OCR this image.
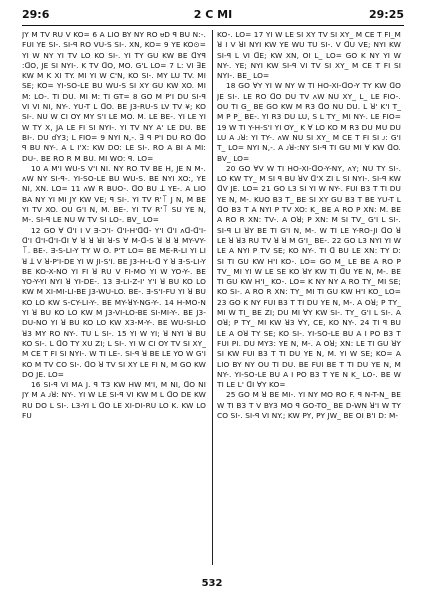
29:6	2 C MI	29:25

JY M TV RU V KO= 6 A LIO BY NY RO ᵾD ꟼ BU N:-. FUI YE SI-. SI-ꟼ RO VU-S SI-. XN, KO= 9 YE KO⊙= YI W NY YI TV LO KO SI-. YI TY GU KW BE ꓷYꟼ :ꓷO, JE SI NYI-. K TV ꓷO, MO. G'L LO= 7 L: VI ꓱE KW M K XI TY. MI YI W C'N, KO SI-. MY LU TV. MI SE; KO= YI-SO-LE BU WU-S SI XY GU KW XO. MI M: LO-. TI DU. MI M: TI GT= 8 GO M P'I DU SI-ꟼ VI VI NI, NY-. YU-T L ꓷO. BE J3-RU-S LV TV ¥; KO SI-. NU W CI OY MY S'I LE MO. M. LE BE-. YI LE YI W TY X, JA LE FI SI NYI-. YI TV NY A' LE DU. BE BI-. DU ɗY3; L FIO= 9 NYI N,-. ꓱ ꟼ P'I DU RO ꓷO ꟼ BU NY-. A L I'X: KW DO: LE SI-. RO A BI A MI: DU-. BE RO R M BU. MI WO: ꟼ. LO=

10 A M'I WU-S V'I NI. NY RO TV BE H, JE N M-. ᴧW NY SI-ꟼ-. YI-SO-LE BU WU-S. BE NYI XO:, YE NI, XN. LO= 11 ᴧW R BUO-. ꓷO BU ꓕ YE-. A LIO BA NY YI MI JY KW VE; ꟼ SI-. YI TV R'꓄ J N, M BE YI TV XO. OU G'I N, M. BE-. YI TV R'꓄ SU YE N, M-. SI-ꟼ LE NU W TV SI LO-. BV_ LO=

12 GO ∀ ꓷ'I I V Ǝ-Ɔ'I- ꓷ'I-H'ꓷꓷ- Y'I ꓷ'I ᴧꓷ-ꓷ'I- ꓷ'I ꓷ'I-ꓷ'I-ꓷI ∀ ꓤ ꓤ ꓤI ꓤ-S ∀ M-ꓷ-S ꓤ ꓤ ꓤ MY-VY-꓄. BE-. Ǝ-S-LI-Y TY W O. P'T LO= BE ME-R-LI YI LI ꓤ ꓕ V ꓤ-P'I-DE YI W JI-S'I. BE J3-H-L-ꓷ Y ꓤ Ǝ-S-LI-Y BE KO-X-NO YI FI ꓤ RU V FI-MO YI W YO-Y-. BE YO-Y-YI NYI ꓤ YI-DE-. 13 Ǝ-LI-Z-I' Y'I ꓤ BU KO LO KW M XI-MI-LI-BE J3-WU-LO. BE-. Ǝ-S'I-FU YI ꓤ BU KO LO KW S-CY-LI-Y-. BE MY-ꓤY-NG-Y-. 14 H-MO-N YI ꓤ BU KO LO KW M J3-VI-LO-BE SI-MI-Y-. BE J3-DU-NO YI ꓤ BU KO LO KW X3-M-Y-. BE WU-SI-LO ꓤ3 MY RO NY-. TU L SI-. 15 YI W YI; ꓤ NYI ꓤ BU KO SI-. L ꓷO TY XU ZI; L SI-. YI W CI OY TV SI XY_ M CE T FI SI NYI-. W TI LE-. SI-ꟼ ꓤ BE LE YO W G'I KO M TV CO SI-. ꓷO ꓤ TV SI XY LE FI N, M GO KW DO JE. LO=

16 SI-ꟼ VI MA J. ꟼ T3 KW HW M'I, M NI, ꓷO NI JY M A ᴊꓤ: NY-. YI W LE SI-ꟼ VI KW M L ꓷO DE KW RU DO L SI-. L3-YI L ꓷO LE XI-DI-RU LO K. KW LO FU

KO-. LO= 17 YI W LE SI XY TV SI XY_ M CE T FI_M ꓤ I V ꓤI NYI KW YE WU TU SI-. V ꓷU VE; NYI KW SI-ꟼ L VI ꓷE; KW XN, OI L_ LO= GO K NY YI W NY-. YE; NYI KW SI-ꟼ VI TV SI XY_ M CE T FI SI NYI-. BE_ LO=

18 GO ∀Y YI W NY W TI HO-XI-ꓷO-Y TY KW ꓷO JE SI-. LE RO ꓷO DU TV ᴧW NU XY_ L_ LE FIO-. OU TI G_ BE GO KW M R3 ꓷO NU DU. L ꓤ' K'I T_ M P P_ BE-. YI R3 DU LU, S L TY_ MI NY-. LE FIO= 19 W TI Y-H-S'I YI OY_ K ∀ LO KO M R3 DU MU DU LU A ᴊꓤ: YI TY-. ᴧW NU SI XY_ M CE T FI SI ᴊ: G'I T_ LO= NYI N,-. A ᴊꓤ-:NY SI-ꟼ TI GU MI ∀ KW ꓷO. BV_ LO=

20 GO ∀V W TI HO-XI-ꓷO-Y-NY, ᴧY; NU TY SI-. LO KW TY_ M SI ꟼ BU ꓤV ꓷ'X ZI L SI NYI-. SI-ꟼ KW ꓷV JE. LO= 21 GO L3 SI YI W NY-. FUI B3 T TI DU YE N, M-. KUO B3 T_ BE SI XY GU B3 T BE YU-T L ꓷO B3 T A NYI P TV XO: K_ BE A RO P XN: M. BE A RO R XN: TV-. A Oꓤ; P XN: M SI TV_ G'I L SI-. SI-ꟼ LI ꓤY BE TI G'I N, M-. W TI LE Y-RO-JI ꓷO ꓤ LE ꓤ ꓤ3 RU TV ꓤ ꓤ M G'I_ BE-. 22 GO L3 NYI YI W LE A NYI P TV SE; KO NY-. TI ꓷ BU LE XN: TY D: SI TI GU KW H'I KO-. LO= GO M_ LE BE A RO P TV_ MI YI W LE SE KO ꓤY KW TI ꓷU YE N, M-. BE TI GU KW H'I_ KO-. LO= K NY NY A RO TY_ MI SE; KO SI-. A RO R XN: TY_ MI TI GU KW H'I KO_ LO= 23 GO K NY FUI B3 T TI DU YE N, M-. A Oꓤ; P TY_ MI W TI_ BE ZI; DU MI ∀Y KW SI-. TY_ G'I L SI-. A Oꓤ; P TY_ MI KW ꓤ3 ∀Y, CE, KO NY-. 24 TI ꟼ BU LE A Oꓤ TY SE; KO SI-. YI-SO-LE BU A I PO B3 T FUI PI. DU MY3: YE N, M-. A Oꓤ; XN: LE TI GU ꓤY SI KW FUI B3 T TI DU YE N, M. YI W SE; KO= A LIO BY NY OU TI DU. BE FUI BE T TI DU YE N, M NY-. YI-SO-LE BU A I PO B3 T YE N K_ LO-. BE W TI LE L' ꓷI ∀Y KO=

25 GO M ꓤ BE MI-. YI NY MO RO F. ꟼ N-T-N_ BE W TI B3 T V BY3 MO ꟼ GO-TO_ BE D-WN ꓤ'I W TY CO SI-. SI-ꟼ VI NY.; KW PY, PY JW_ BE OI B'I D: M-

532
